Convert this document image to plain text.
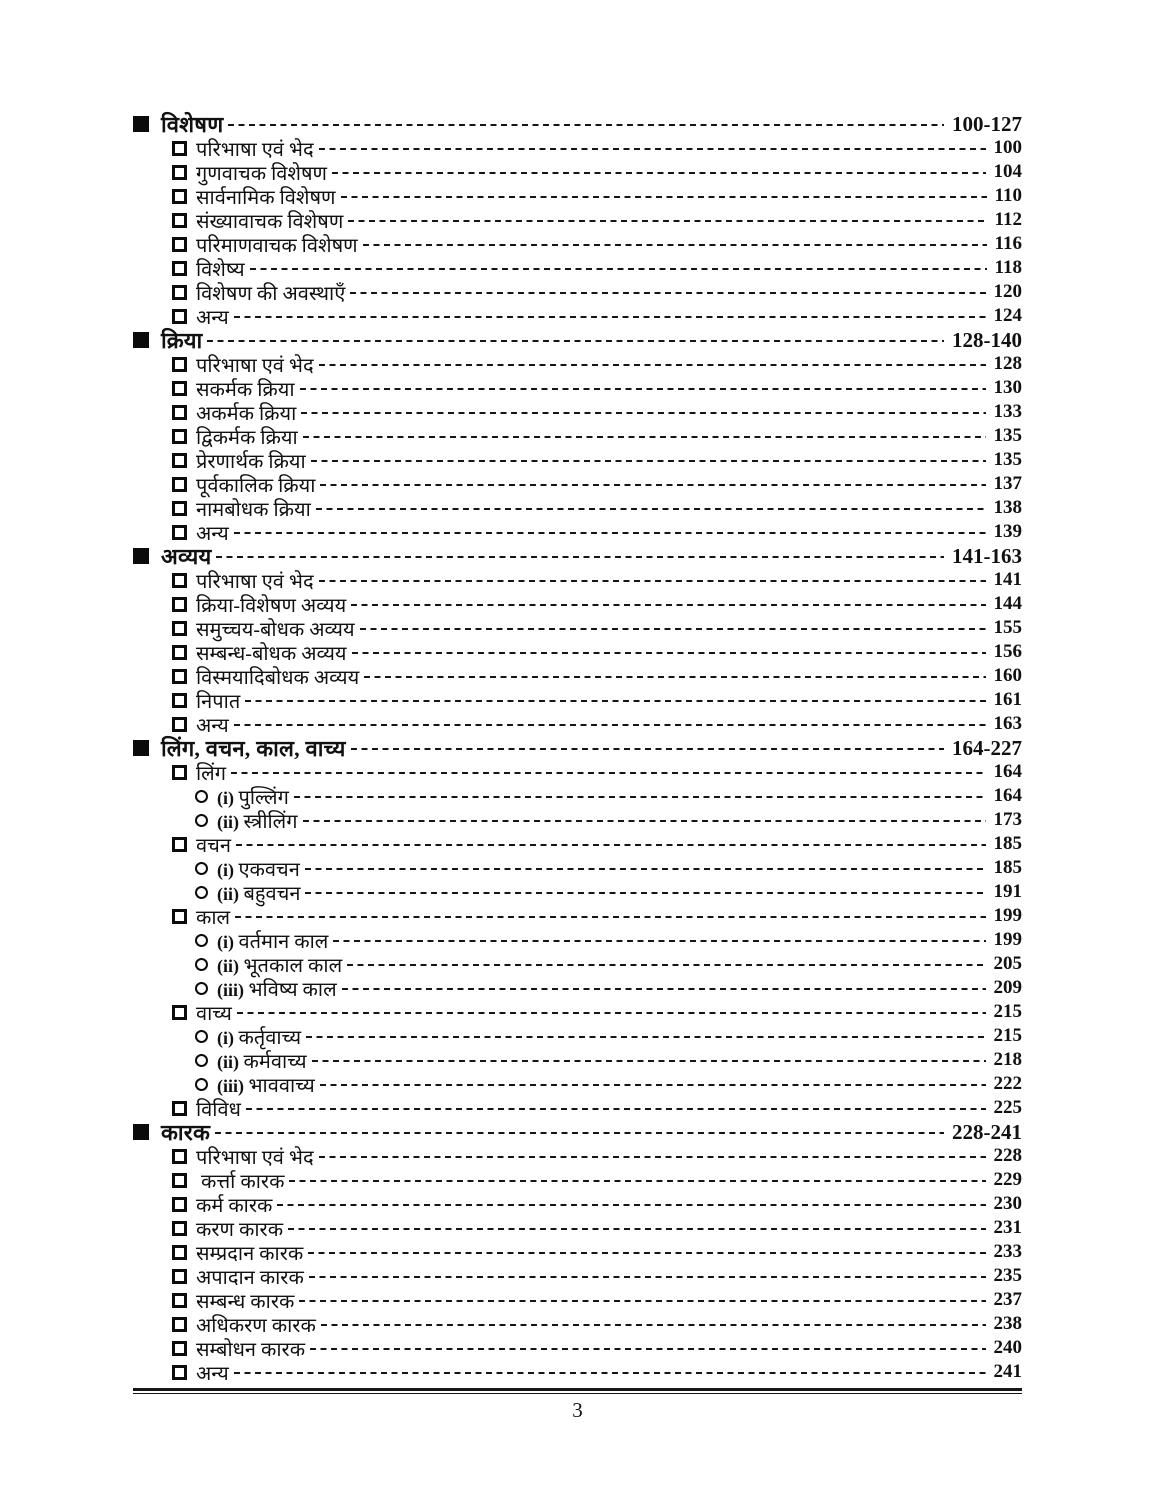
विशेषण	100-127
परिभाषा एवं भेद	100
गुणवाचक विशेषण	104
सार्वनामिक विशेषण	110
संख्यावाचक विशेषण	112
परिमाणवाचक विशेषण	116
विशेष्य	118
विशेषण की अवस्थाएँ	120
अन्य	124
क्रिया	128-140
परिभाषा एवं भेद	128
सकर्मक क्रिया	130
अकर्मक क्रिया	133
द्विकर्मक क्रिया	135
प्रेरणार्थक क्रिया	135
पूर्वकालिक क्रिया	137
नामबोधक क्रिया	138
अन्य	139
अव्यय	141-163
परिभाषा एवं भेद	141
क्रिया-विशेषण अव्यय	144
समुच्चय-बोधक अव्यय	155
सम्बन्ध-बोधक अव्यय	156
विस्मयादिबोधक अव्यय	160
निपात	161
अन्य	163
लिंग, वचन, काल, वाच्य	164-227
लिंग	164
(i) पुल्लिंग	164
(ii) स्त्रीलिंग	173
वचन	185
(i) एकवचन	185
(ii) बहुवचन	191
काल	199
(i) वर्तमान काल	199
(ii) भूतकाल काल	205
(iii) भविष्य काल	209
वाच्य	215
(i) कर्तृवाच्य	215
(ii) कर्मवाच्य	218
(iii) भाववाच्य	222
विविध	225
कारक	228-241
परिभाषा एवं भेद	228
कर्त्ता कारक	229
कर्म कारक	230
करण कारक	231
सम्प्रदान कारक	233
अपादान कारक	235
सम्बन्ध कारक	237
अधिकरण कारक	238
सम्बोधन कारक	240
अन्य	241
3
